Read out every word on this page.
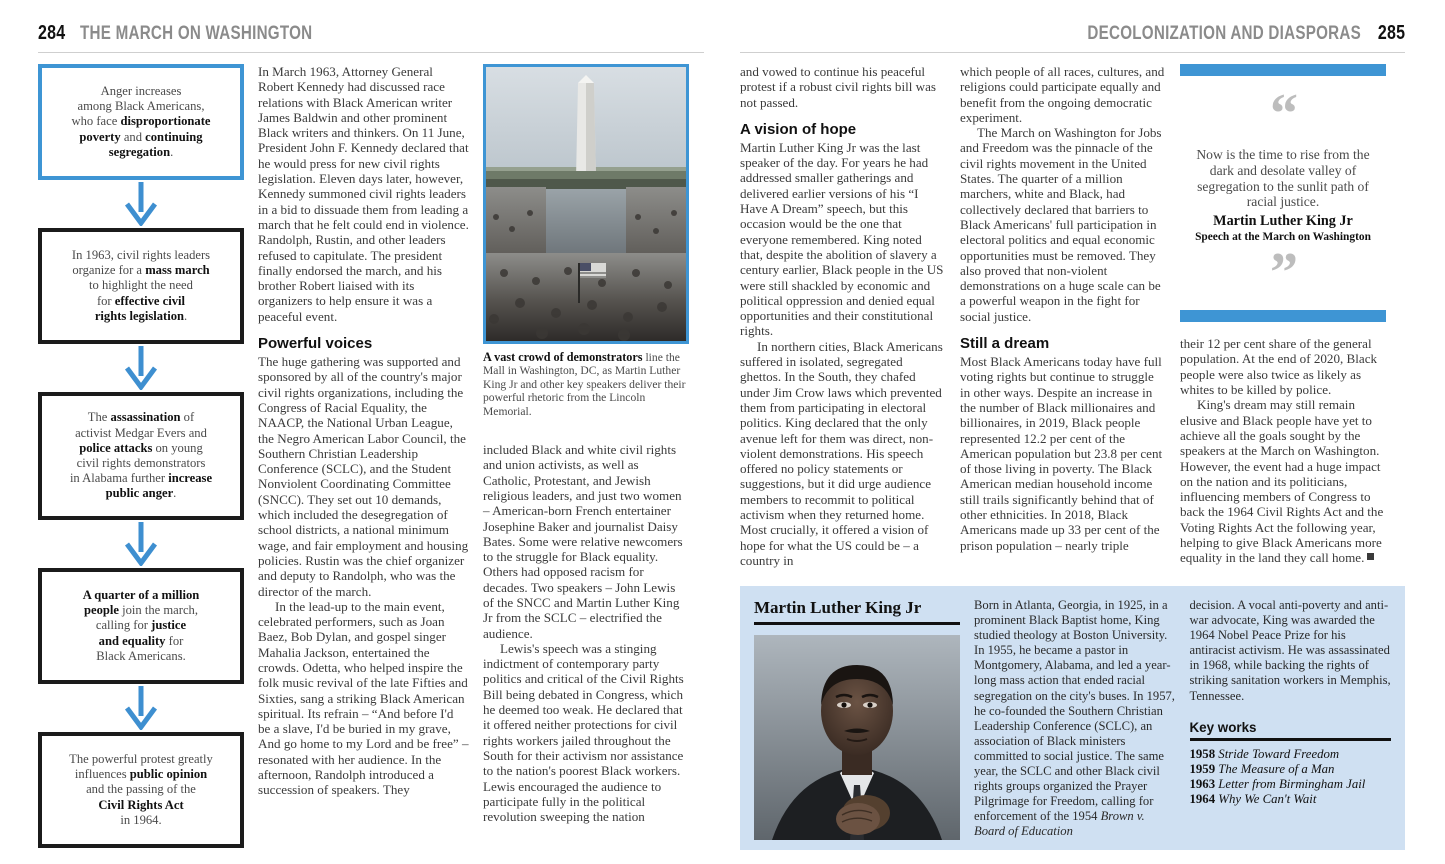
284 THE MARCH ON WASHINGTON
Anger increases
among Black Americans,
who face disproportionate
poverty and continuing
segregation.
In 1963, civil rights leaders
organize for a mass march
to highlight the need
for effective civil
rights legislation.
The assassination of
activist Medgar Evers and
police attacks on young
civil rights demonstrators
in Alabama further increase
public anger.
A quarter of a million
people join the march,
calling for justice
and equality for
Black Americans.
The powerful protest greatly
influences public opinion
and the passing of the
Civil Rights Act
in 1964.

In March 1963, Attorney General Robert Kennedy had discussed race relations with Black American writer James Baldwin and other prominent Black writers and thinkers. On 11 June, President John F. Kennedy declared that he would press for new civil rights legislation. Eleven days later, however, Kennedy summoned civil rights leaders in a bid to dissuade them from leading a march that he felt could end in violence. Randolph, Rustin, and other leaders refused to capitulate. The president finally endorsed the march, and his brother Robert liaised with its organizers to help ensure it was a peaceful event.

Powerful voices

The huge gathering was supported and sponsored by all of the country's major civil rights organizations, including the Congress of Racial Equality, the NAACP, the National Urban League, the Negro American Labor Council, the Southern Christian Leadership Conference (SCLC), and the Student Nonviolent Coordinating Committee (SNCC). They set out 10 demands, which included the desegregation of school districts, a national minimum wage, and fair employment and housing policies. Rustin was the chief organizer and deputy to Randolph, who was the director of the march.

In the lead-up to the main event, celebrated performers, such as Joan Baez, Bob Dylan, and gospel singer Mahalia Jackson, entertained the crowds. Odetta, who helped inspire the folk music revival of the late Fifties and Sixties, sang a striking Black American spiritual. Its refrain – “And before I'd be a slave, I'd be buried in my grave, And go home to my Lord and be free” – resonated with her audience. In the afternoon, Randolph introduced a succession of speakers. They

A vast crowd of demonstrators line the Mall in Washington, DC, as Martin Luther King Jr and other key speakers deliver their powerful rhetoric from the Lincoln Memorial.

included Black and white civil rights and union activists, as well as Catholic, Protestant, and Jewish religious leaders, and just two women – American-born French entertainer Josephine Baker and journalist Daisy Bates. Some were relative newcomers to the struggle for Black equality. Others had opposed racism for decades. Two speakers – John Lewis of the SNCC and Martin Luther King Jr from the SCLC – electrified the audience.

Lewis's speech was a stinging indictment of contemporary party politics and critical of the Civil Rights Bill being debated in Congress, which he deemed too weak. He declared that it offered neither protections for civil rights workers jailed throughout the South for their activism nor assistance to the nation's poorest Black workers. Lewis encouraged the audience to participate fully in the political revolution sweeping the nation

DECOLONIZATION AND DIASPORAS 285

and vowed to continue his peaceful protest if a robust civil rights bill was not passed.

A vision of hope

Martin Luther King Jr was the last speaker of the day. For years he had addressed smaller gatherings and delivered earlier versions of his “I Have A Dream” speech, but this occasion would be the one that everyone remembered. King noted that, despite the abolition of slavery a century earlier, Black people in the US were still shackled by economic and political oppression and denied equal opportunities and their constitutional rights.

In northern cities, Black Americans suffered in isolated, segregated ghettos. In the South, they chafed under Jim Crow laws which prevented them from participating in electoral politics. King declared that the only avenue left for them was direct, non-violent demonstrations. His speech offered no policy statements or suggestions, but it did urge audience members to recommit to political activism when they returned home. Most crucially, it offered a vision of hope for what the US could be – a country in

which people of all races, cultures, and religions could participate equally and benefit from the ongoing democratic experiment.

The March on Washington for Jobs and Freedom was the pinnacle of the civil rights movement in the United States. The quarter of a million marchers, white and Black, had collectively declared that barriers to Black Americans' full participation in electoral politics and equal economic opportunities must be removed. They also proved that non-violent demonstrations on a huge scale can be a powerful weapon in the fight for social justice.

Still a dream

Most Black Americans today have full voting rights but continue to struggle in other ways. Despite an increase in the number of Black millionaires and billionaires, in 2019, Black people represented 12.2 per cent of the American population but 23.8 per cent of those living in poverty. The Black American median household income still trails significantly behind that of other ethnicities. In 2018, Black Americans made up 33 per cent of the prison population – nearly triple

“
Now is the time to rise from the dark and desolate valley of segregation to the sunlit path of racial justice.
Martin Luther King Jr
Speech at the March on Washington
”

their 12 per cent share of the general population. At the end of 2020, Black people were also twice as likely as whites to be killed by police.

King's dream may still remain elusive and Black people have yet to achieve all the goals sought by the speakers at the March on Washington. However, the event had a huge impact on the nation and its politicians, influencing members of Congress to back the 1964 Civil Rights Act and the Voting Rights Act the following year, helping to give Black Americans more equality in the land they call home.

Martin Luther King Jr	Born in Atlanta, Georgia, in 1925, in a prominent Black Baptist home, King studied theology at Boston University. In 1955, he became a pastor in Montgomery, Alabama, and led a year-long mass action that ended racial segregation on the city's buses. In 1957, he co-founded the Southern Christian Leadership Conference (SCLC), an association of Black ministers committed to social justice. The same year, the SCLC and other Black civil rights groups organized the Prayer Pilgrimage for Freedom, calling for enforcement of the 1954 Brown v. Board of Education

decision. A vocal anti-poverty and anti-war advocate, King was awarded the 1964 Nobel Peace Prize for his antiracist activism. He was assassinated in 1968, while backing the rights of striking sanitation workers in Memphis, Tennessee.

Key works
1958 Stride Toward Freedom
1959 The Measure of a Man
1963 Letter from Birmingham Jail
1964 Why We Can't Wait
